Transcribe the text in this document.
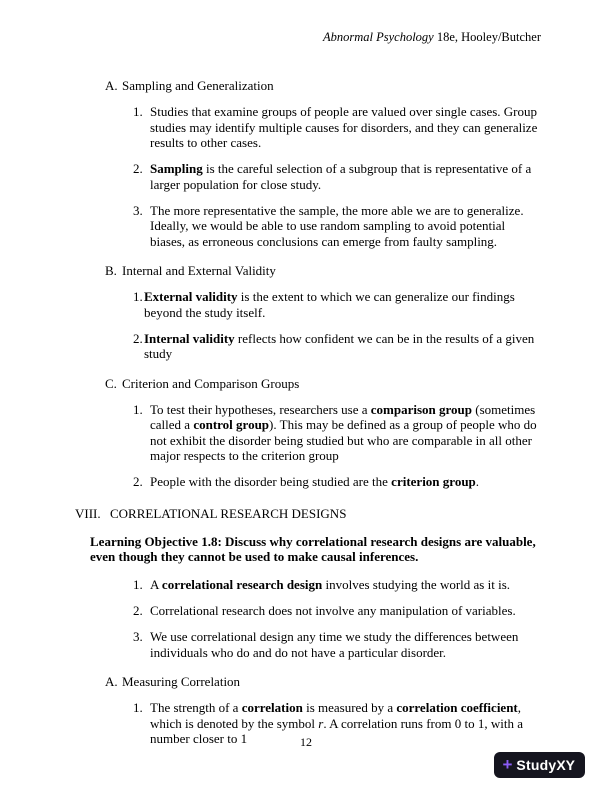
Abnormal Psychology 18e, Hooley/Butcher
A. Sampling and Generalization
1. Studies that examine groups of people are valued over single cases. Group studies may identify multiple causes for disorders, and they can generalize results to other cases.
2. Sampling is the careful selection of a subgroup that is representative of a larger population for close study.
3. The more representative the sample, the more able we are to generalize. Ideally, we would be able to use random sampling to avoid potential biases, as erroneous conclusions can emerge from faulty sampling.
B. Internal and External Validity
1. External validity is the extent to which we can generalize our findings beyond the study itself.
2. Internal validity reflects how confident we can be in the results of a given study
C. Criterion and Comparison Groups
1. To test their hypotheses, researchers use a comparison group (sometimes called a control group). This may be defined as a group of people who do not exhibit the disorder being studied but who are comparable in all other major respects to the criterion group
2. People with the disorder being studied are the criterion group.
VIII. CORRELATIONAL RESEARCH DESIGNS
Learning Objective 1.8: Discuss why correlational research designs are valuable, even though they cannot be used to make causal inferences.
1. A correlational research design involves studying the world as it is.
2. Correlational research does not involve any manipulation of variables.
3. We use correlational design any time we study the differences between individuals who do and do not have a particular disorder.
A. Measuring Correlation
1. The strength of a correlation is measured by a correlation coefficient, which is denoted by the symbol r. A correlation runs from 0 to 1, with a number closer to 1	12
+ Study XY
